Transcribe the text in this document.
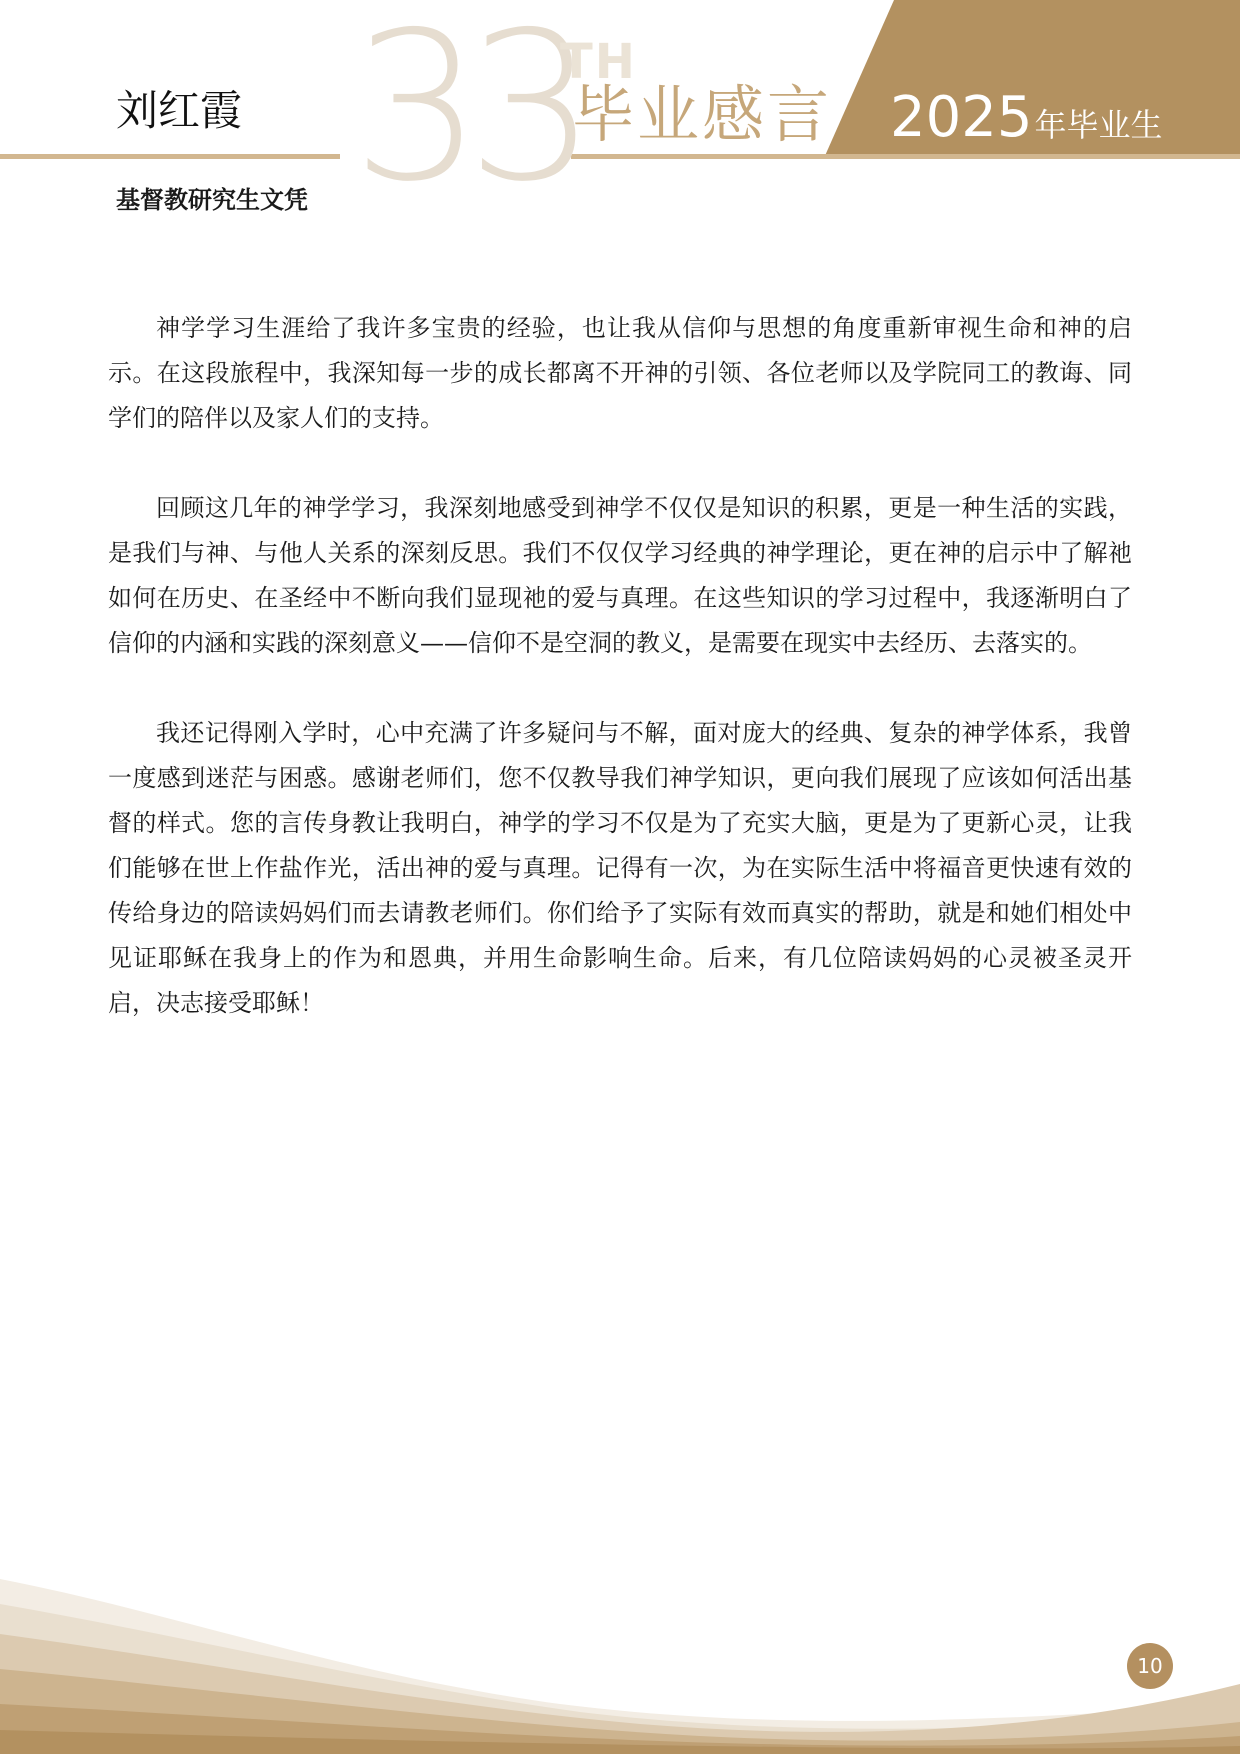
33
TH
毕业感言 2025年毕业生
刘红霞
基督教研究生文凭

神学学习生涯给了我许多宝贵的经验，也让我从信仰与思想的角度重新审视生命和神的启示。在这段旅程中，我深知每一步的成长都离不开神的引领、各位老师以及学院同工的教诲、同学们的陪伴以及家人们的支持。

回顾这几年的神学学习，我深刻地感受到神学不仅仅是知识的积累，更是一种生活的实践，是我们与神、与他人关系的深刻反思。我们不仅仅学习经典的神学理论，更在神的启示中了解祂如何在历史、在圣经中不断向我们显现祂的爱与真理。在这些知识的学习过程中，我逐渐明白了信仰的内涵和实践的深刻意义——信仰不是空洞的教义，是需要在现实中去经历、去落实的。

我还记得刚入学时，心中充满了许多疑问与不解，面对庞大的经典、复杂的神学体系，我曾一度感到迷茫与困惑。感谢老师们，您不仅教导我们神学知识，更向我们展现了应该如何活出基督的样式。您的言传身教让我明白，神学的学习不仅是为了充实大脑，更是为了更新心灵，让我们能够在世上作盐作光，活出神的爱与真理。记得有一次，为在实际生活中将福音更快速有效的传给身边的陪读妈妈们而去请教老师们。你们给予了实际有效而真实的帮助，就是和她们相处中见证耶稣在我身上的作为和恩典，并用生命影响生命。后来，有几位陪读妈妈的心灵被圣灵开启，决志接受耶稣！

10
